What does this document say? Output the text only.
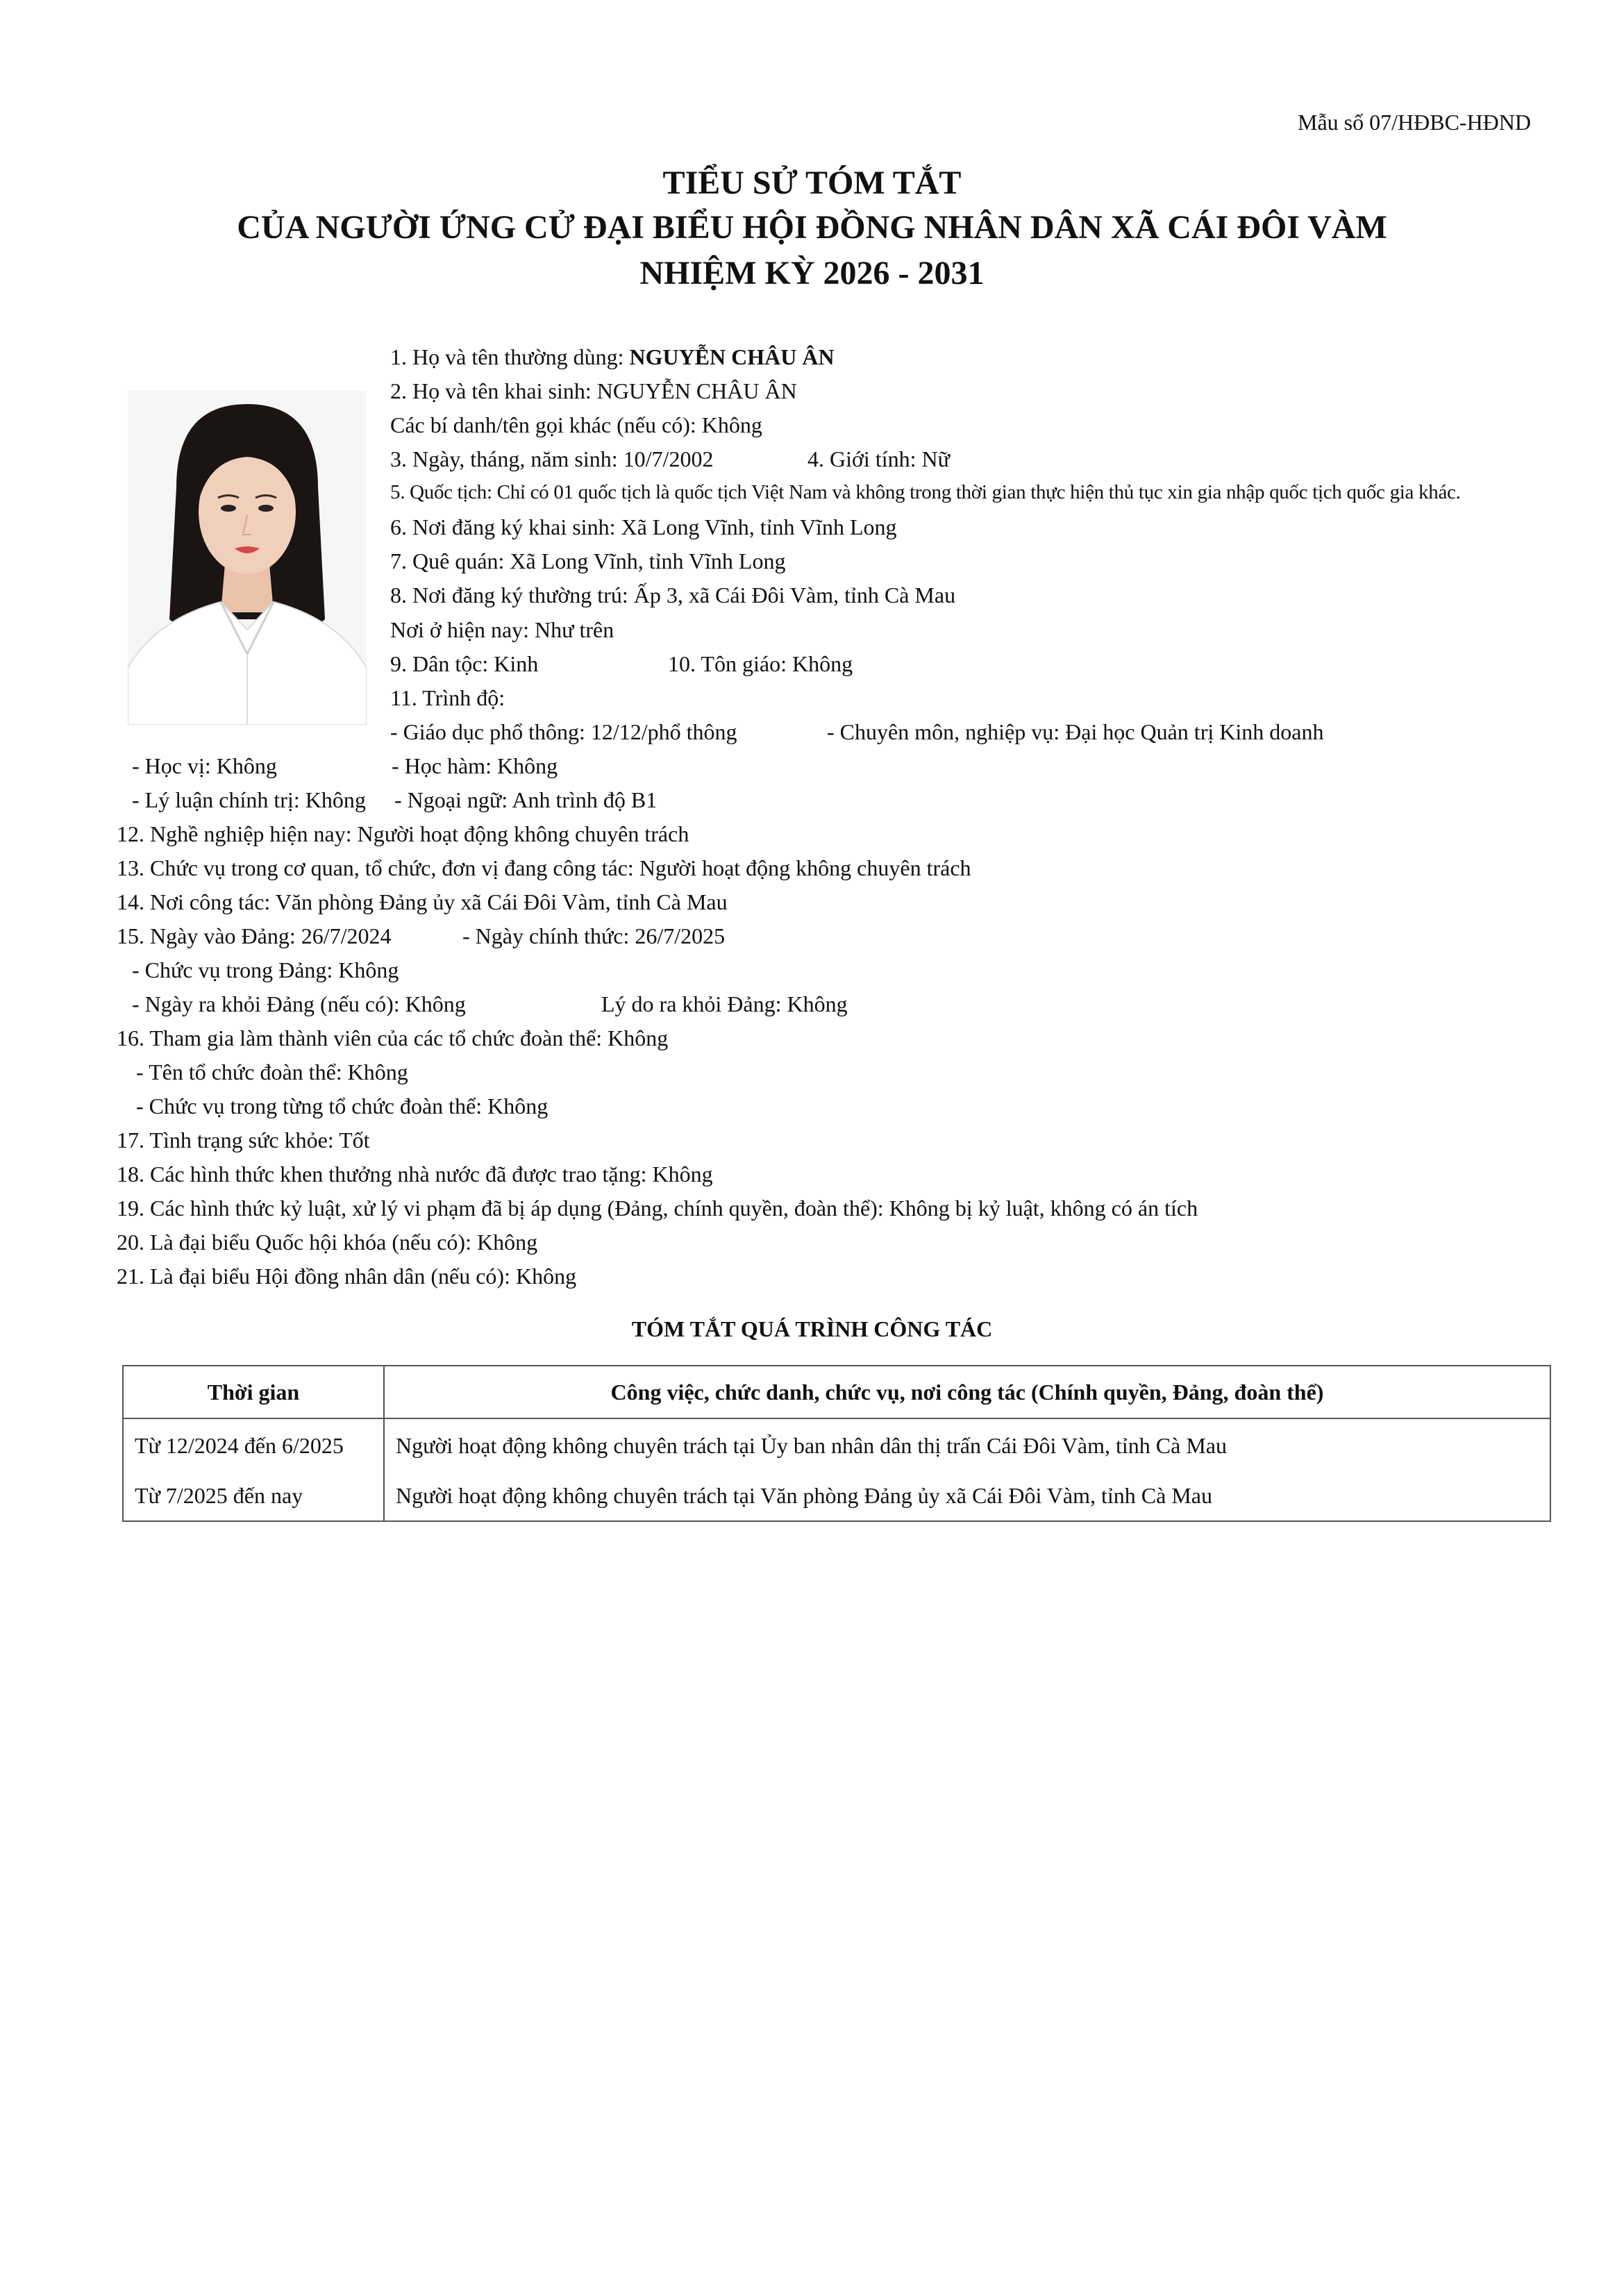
Mẫu số 07/HĐBC-HĐND
TIỂU SỬ TÓM TẮT
CỦA NGƯỜI ỨNG CỬ ĐẠI BIỂU HỘI ĐỒNG NHÂN DÂN XÃ CÁI ĐÔI VÀM
NHIỆM KỲ 2026 - 2031
1. Họ và tên thường dùng: NGUYỄN CHÂU ÂN
2. Họ và tên khai sinh: NGUYỄN CHÂU ÂN
Các bí danh/tên gọi khác (nếu có): Không
3. Ngày, tháng, năm sinh: 10/7/2002	4. Giới tính: Nữ
5. Quốc tịch: Chỉ có 01 quốc tịch là quốc tịch Việt Nam và không trong thời gian thực hiện thủ tục xin gia nhập quốc tịch quốc gia khác.
6. Nơi đăng ký khai sinh: Xã Long Vĩnh, tỉnh Vĩnh Long
7. Quê quán: Xã Long Vĩnh, tỉnh Vĩnh Long
8. Nơi đăng ký thường trú: Ấp 3, xã Cái Đôi Vàm, tỉnh Cà Mau
Nơi ở hiện nay: Như trên
9. Dân tộc: Kinh	10. Tôn giáo: Không
11. Trình độ:
- Giáo dục phổ thông: 12/12/phổ thông	- Chuyên môn, nghiệp vụ: Đại học Quản trị Kinh doanh
- Học vị: Không	- Học hàm: Không
- Lý luận chính trị: Không - Ngoại ngữ: Anh trình độ B1
12. Nghề nghiệp hiện nay: Người hoạt động không chuyên trách
13. Chức vụ trong cơ quan, tổ chức, đơn vị đang công tác: Người hoạt động không chuyên trách
14. Nơi công tác: Văn phòng Đảng ủy xã Cái Đôi Vàm, tỉnh Cà Mau
15. Ngày vào Đảng: 26/7/2024	- Ngày chính thức: 26/7/2025
- Chức vụ trong Đảng: Không
- Ngày ra khỏi Đảng (nếu có): Không	Lý do ra khỏi Đảng: Không
16. Tham gia làm thành viên của các tổ chức đoàn thể: Không
- Tên tổ chức đoàn thể: Không
- Chức vụ trong từng tổ chức đoàn thể: Không
17. Tình trạng sức khỏe: Tốt
18. Các hình thức khen thưởng nhà nước đã được trao tặng: Không
19. Các hình thức kỷ luật, xử lý vi phạm đã bị áp dụng (Đảng, chính quyền, đoàn thể): Không bị kỷ luật, không có án tích
20. Là đại biểu Quốc hội khóa (nếu có): Không
21. Là đại biểu Hội đồng nhân dân (nếu có): Không
TÓM TẮT QUÁ TRÌNH CÔNG TÁC
Thời gian	Công việc, chức danh, chức vụ, nơi công tác (Chính quyền, Đảng, đoàn thể)
Từ 12/2024 đến 6/2025	Người hoạt động không chuyên trách tại Ủy ban nhân dân thị trấn Cái Đôi Vàm, tỉnh Cà Mau
Từ 7/2025 đến nay	Người hoạt động không chuyên trách tại Văn phòng Đảng ủy xã Cái Đôi Vàm, tỉnh Cà Mau
